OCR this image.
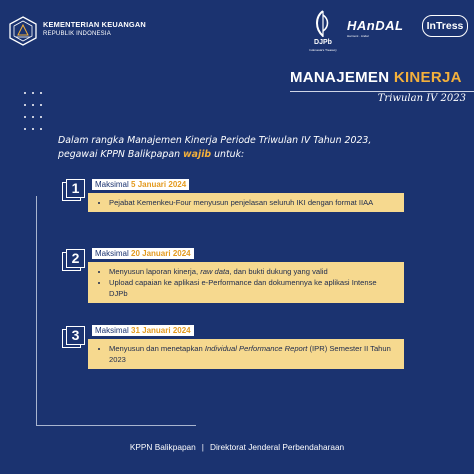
KEMENTERIAN KEUANGAN
REPUBLIK INDONESIA
DJPb
Indonesia's Treasury
HAnDAL
Harmoni · Andal
InTress
MANAJEMEN KINERJA
Triwulan IV 2023
Dalam rangka Manajemen Kinerja Periode Triwulan IV Tahun 2023,
pegawai KPPN Balikpapan wajib untuk:
1	Maksimal 5 Januari 2024
• Pejabat Kemenkeu-Four menyusun penjelasan seluruh IKI dengan format IIAA
2	Maksimal 20 Januari 2024
• Menyusun laporan kinerja, raw data, dan bukti dukung yang valid
• Upload capaian ke aplikasi e-Performance dan dokumennya ke aplikasi Intense DJPb
3	Maksimal 31 Januari 2024
• Menyusun dan menetapkan Individual Performance Report (IPR) Semester II Tahun 2023
KPPN Balikpapan | Direktorat Jenderal Perbendaharaan
